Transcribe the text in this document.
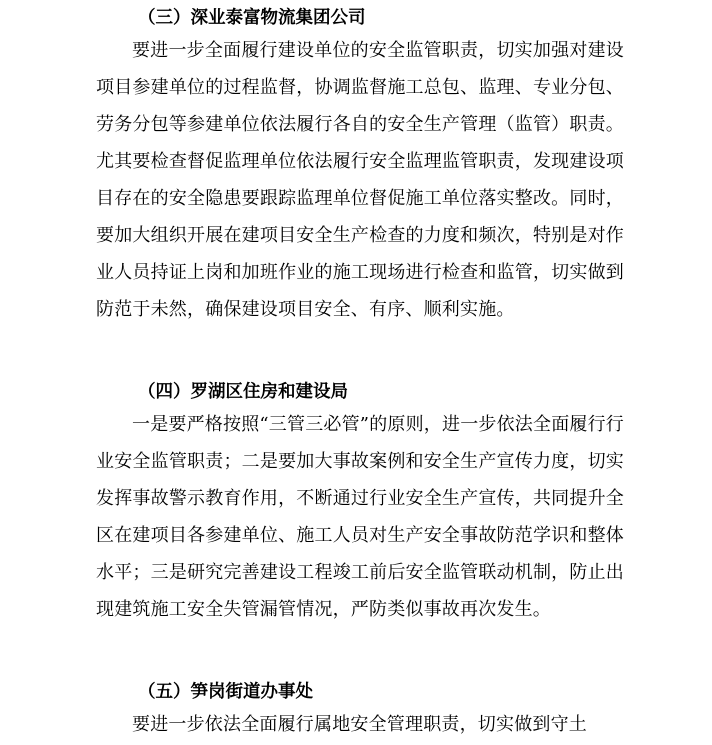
（三）深业泰富物流集团公司
要进一步全面履行建设单位的安全监管职责，切实加强对建设项目参建单位的过程监督，协调监督施工总包、监理、专业分包、劳务分包等参建单位依法履行各自的安全生产管理（监管）职责。尤其要检查督促监理单位依法履行安全监理监管职责，发现建设项目存在的安全隐患要跟踪监理单位督促施工单位落实整改。同时，要加大组织开展在建项目安全生产检查的力度和频次，特别是对作业人员持证上岗和加班作业的施工现场进行检查和监管，切实做到防范于未然，确保建设项目安全、有序、顺利实施。
（四）罗湖区住房和建设局
一是要严格按照“三管三必管”的原则，进一步依法全面履行行业安全监管职责；二是要加大事故案例和安全生产宣传力度，切实发挥事故警示教育作用，不断通过行业安全生产宣传，共同提升全区在建项目各参建单位、施工人员对生产安全事故防范学识和整体水平；三是研究完善建设工程竣工前后安全监管联动机制，防止出现建筑施工安全失管漏管情况，严防类似事故再次发生。
（五）笋岗街道办事处
要进一步依法全面履行属地安全管理职责，切实做到守土
